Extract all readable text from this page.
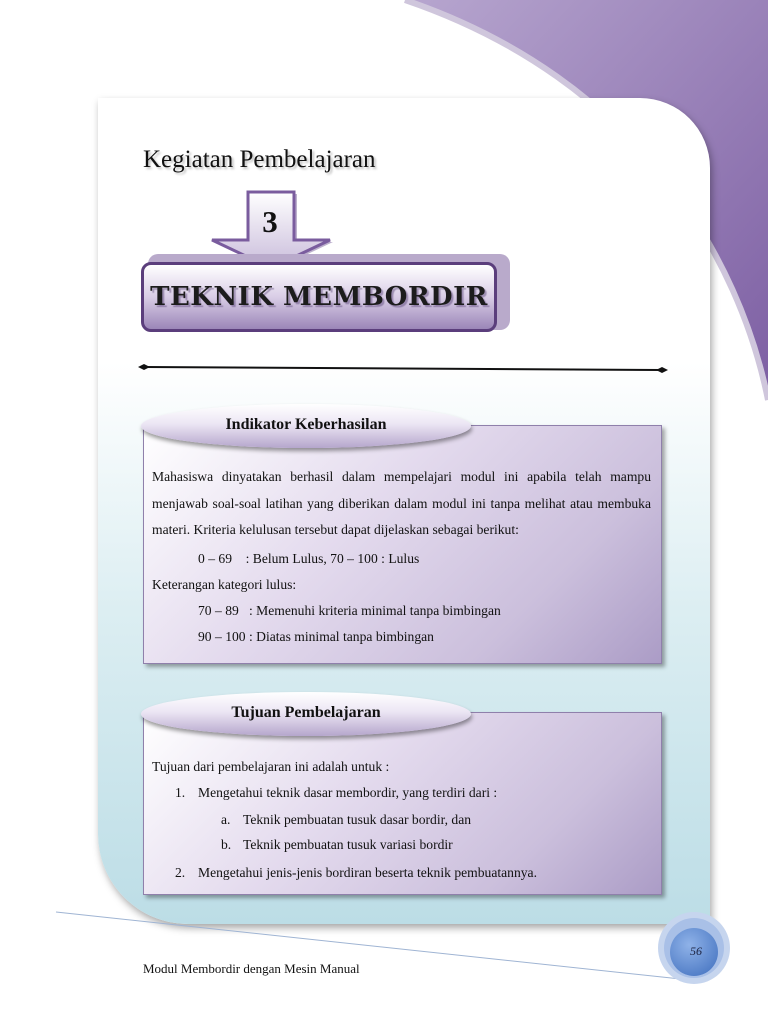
Kegiatan Pembelajaran
3
TEKNIK MEMBORDIR
Indikator Keberhasilan

Mahasiswa dinyatakan berhasil dalam mempelajari modul ini apabila telah mampu menjawab soal-soal latihan yang diberikan dalam modul ini tanpa melihat atau membuka materi. Kriteria kelulusan tersebut dapat dijelaskan sebagai berikut:

0 – 69    : Belum Lulus, 70 – 100 : Lulus
Keterangan kategori lulus:
70 – 89   : Memenuhi kriteria minimal tanpa bimbingan
90 – 100 : Diatas minimal tanpa bimbingan
Tujuan Pembelajaran
Tujuan dari pembelajaran ini adalah untuk :
1. Mengetahui teknik dasar membordir, yang terdiri dari :
a. Teknik pembuatan tusuk dasar bordir, dan
b. Teknik pembuatan tusuk variasi bordir
2. Mengetahui jenis-jenis bordiran beserta teknik pembuatannya.
56
Modul Membordir dengan Mesin Manual
